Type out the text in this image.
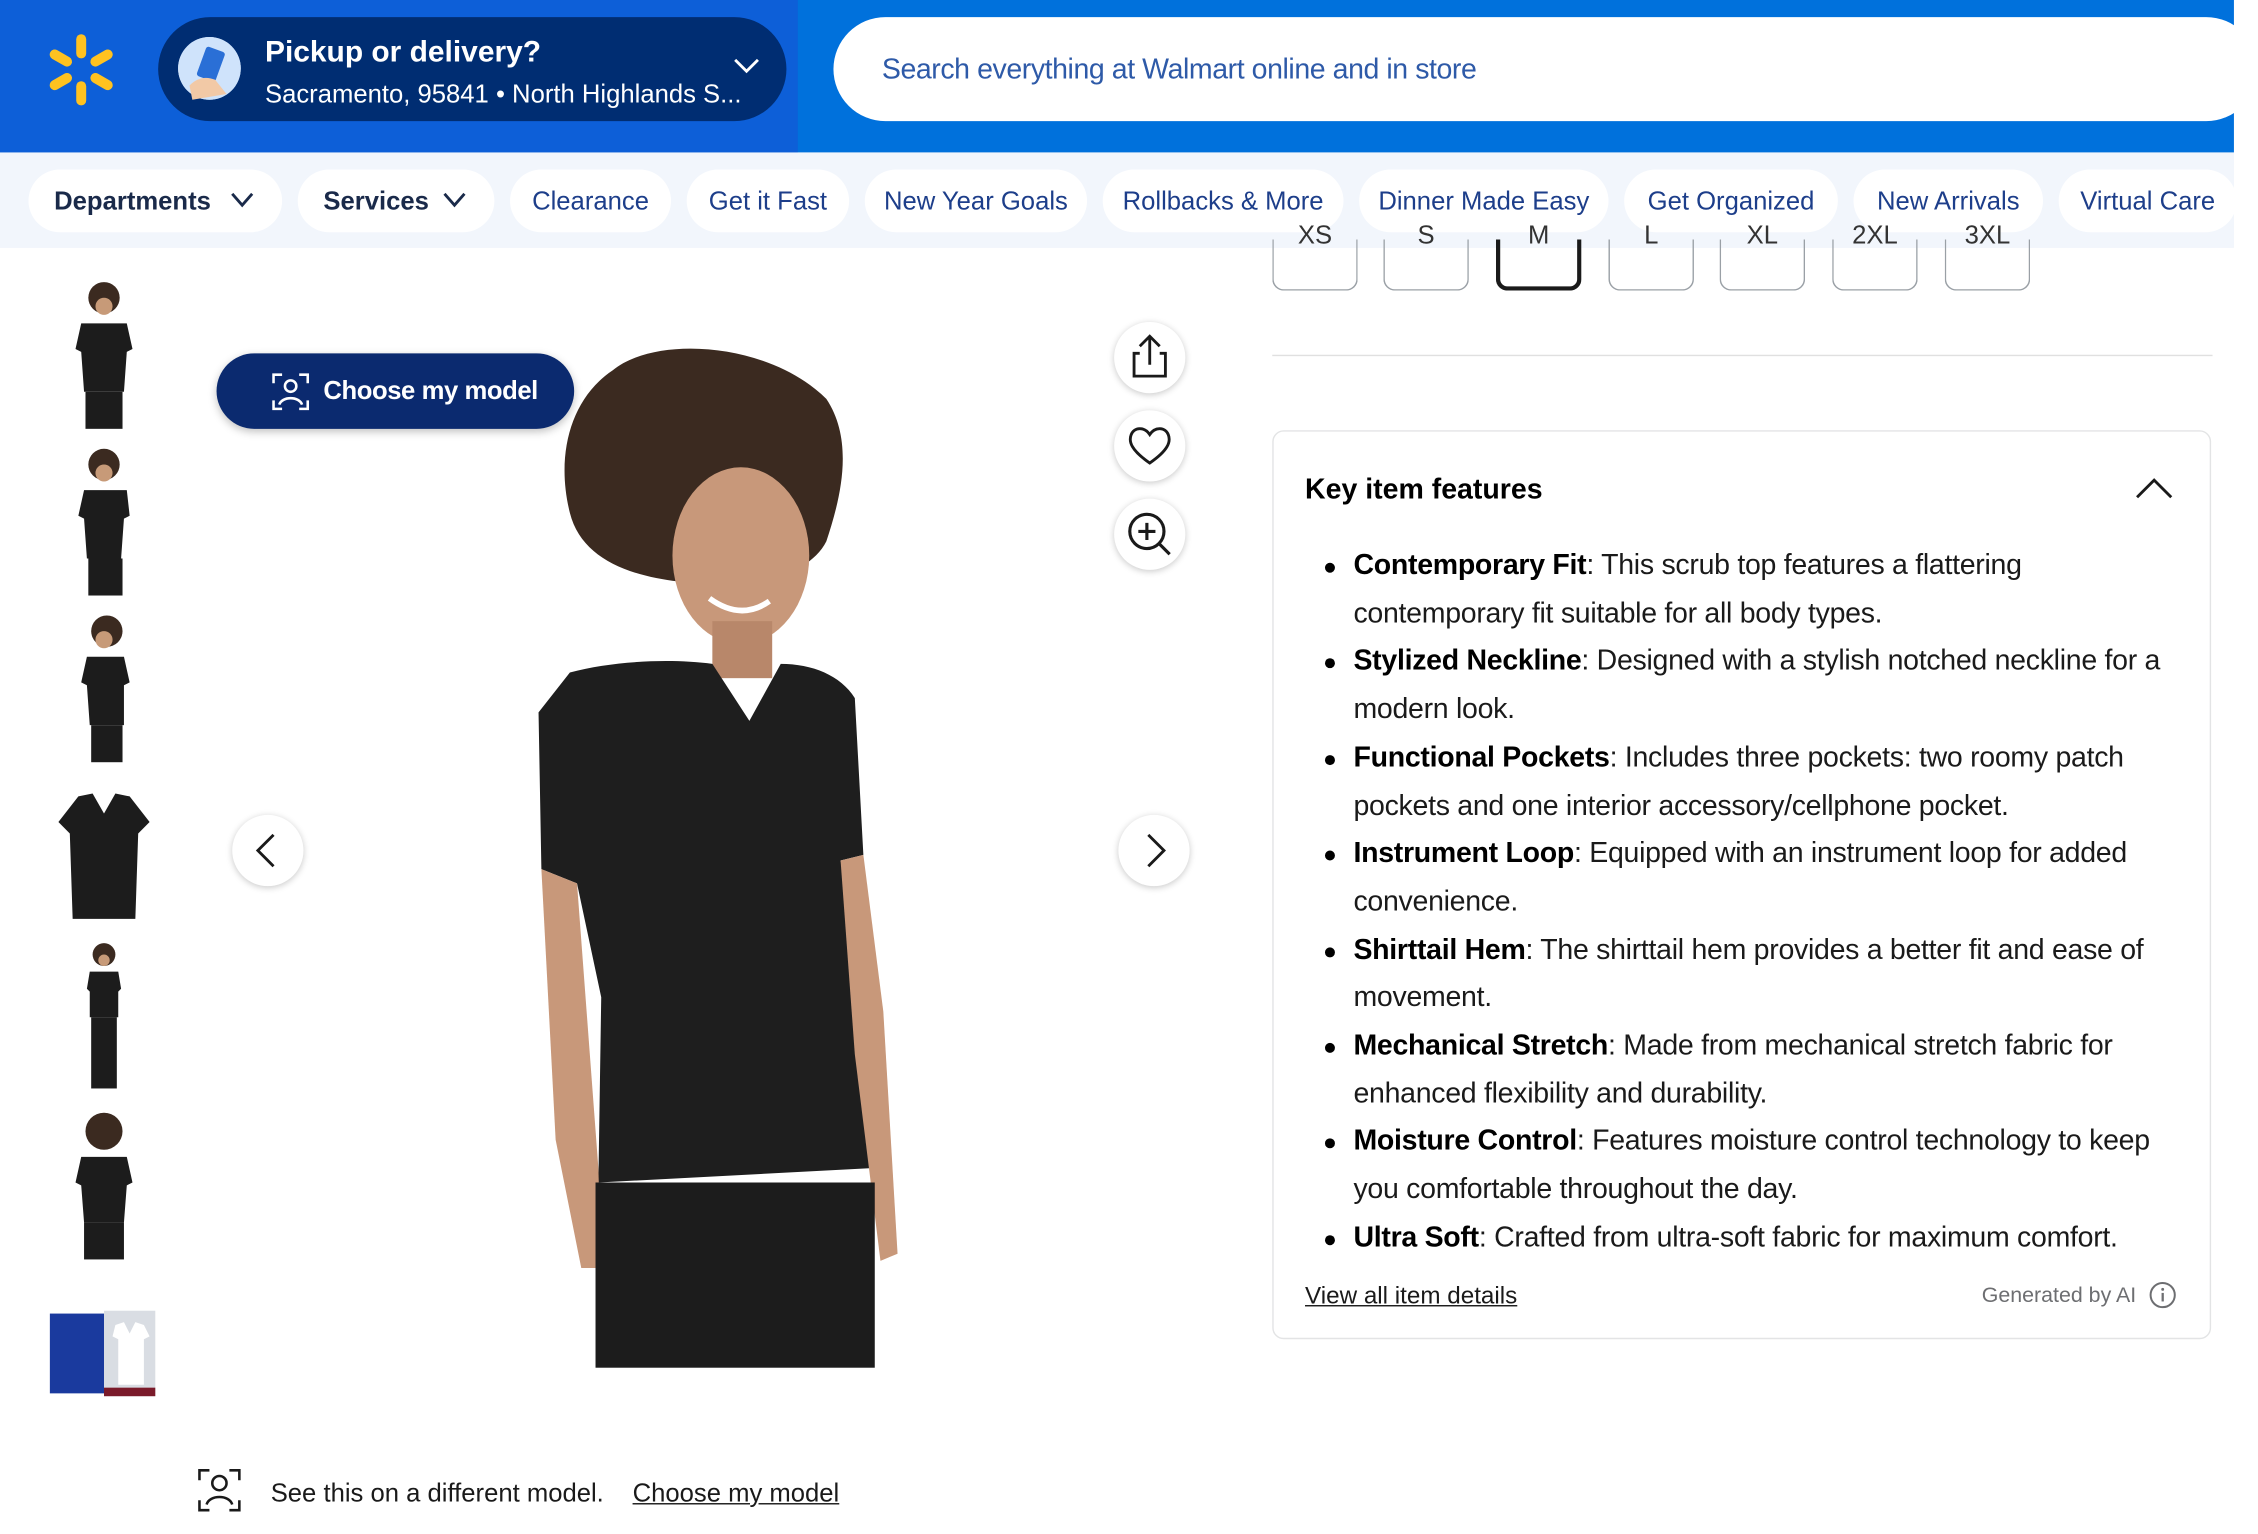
Pickup or delivery?
Sacramento, 95841 • North Highlands S...
Search everything at Walmart online and in store
Departments	Services	Clearance	Get it Fast	New Year Goals	Rollbacks & More	Dinner Made Easy	Get Organized	New Arrivals	Virtual Care
Choose my model
See this on a different model. Choose my model
XS	S	M	L	XL	2XL	3XL
Key item features
Contemporary Fit: This scrub top features a flattering contemporary fit suitable for all body types.
Stylized Neckline: Designed with a stylish notched neckline for a modern look.
Functional Pockets: Includes three pockets: two roomy patch pockets and one interior accessory/cellphone pocket.
Instrument Loop: Equipped with an instrument loop for added convenience.
Shirttail Hem: The shirttail hem provides a better fit and ease of movement.
Mechanical Stretch: Made from mechanical stretch fabric for enhanced flexibility and durability.
Moisture Control: Features moisture control technology to keep you comfortable throughout the day.
Ultra Soft: Crafted from ultra-soft fabric for maximum comfort.
View all item details	Generated by AI
